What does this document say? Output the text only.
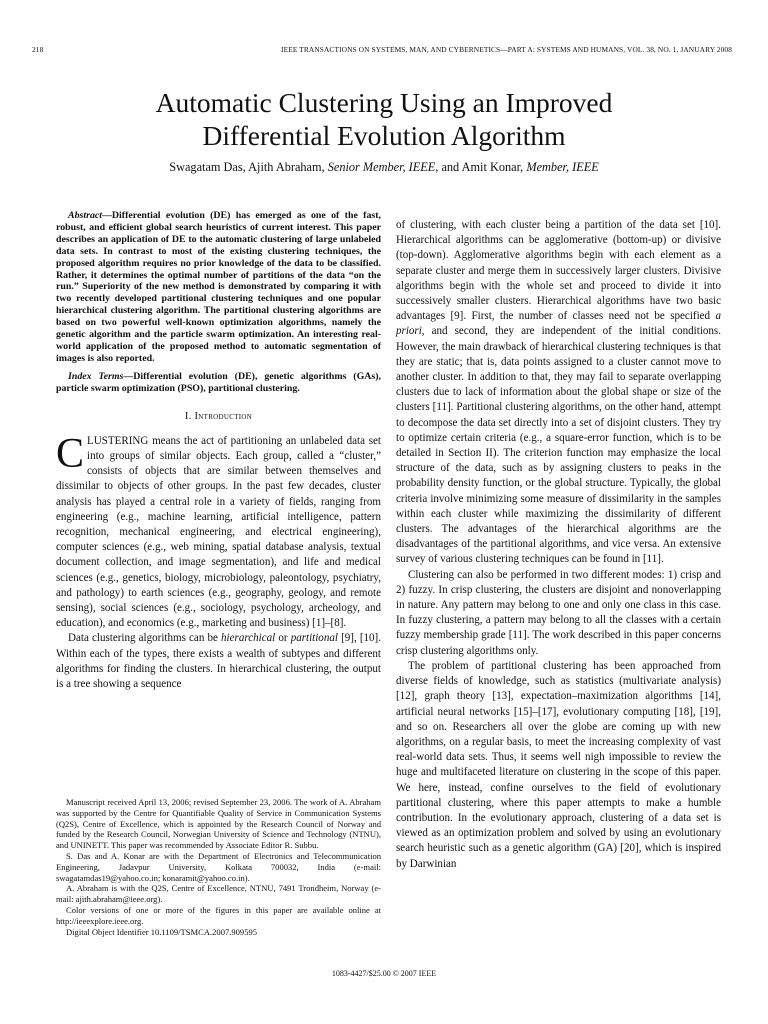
218	IEEE TRANSACTIONS ON SYSTEMS, MAN, AND CYBERNETICS—PART A: SYSTEMS AND HUMANS, VOL. 38, NO. 1, JANUARY 2008
Automatic Clustering Using an Improved
Differential Evolution Algorithm
Swagatam Das, Ajith Abraham, Senior Member, IEEE, and Amit Konar, Member, IEEE

Abstract—Differential evolution (DE) has emerged as one of the fast, robust, and efficient global search heuristics of current interest. This paper describes an application of DE to the automatic clustering of large unlabeled data sets. In contrast to most of the existing clustering techniques, the proposed algorithm requires no prior knowledge of the data to be classified. Rather, it determines the optimal number of partitions of the data “on the run.” Superiority of the new method is demonstrated by comparing it with two recently developed partitional clustering techniques and one popular hierarchical clustering algorithm. The partitional clustering algorithms are based on two powerful well-known optimization algorithms, namely the genetic algorithm and the particle swarm optimization. An interesting real-world application of the proposed method to automatic segmentation of images is also reported.

Index Terms—Differential evolution (DE), genetic algorithms (GAs), particle swarm optimization (PSO), partitional clustering.

I. Introduction

CLUSTERING means the act of partitioning an unlabeled data set into groups of similar objects. Each group, called a “cluster,” consists of objects that are similar between themselves and dissimilar to objects of other groups. In the past few decades, cluster analysis has played a central role in a variety of fields, ranging from engineering (e.g., machine learning, artificial intelligence, pattern recognition, mechanical engineering, and electrical engineering), computer sciences (e.g., web mining, spatial database analysis, textual document collection, and image segmentation), and life and medical sciences (e.g., genetics, biology, microbiology, paleontology, psychiatry, and pathology) to earth sciences (e.g., geography, geology, and remote sensing), social sciences (e.g., sociology, psychology, archeology, and education), and economics (e.g., marketing and business) [1]–[8].

Data clustering algorithms can be hierarchical or partitional [9], [10]. Within each of the types, there exists a wealth of subtypes and different algorithms for finding the clusters. In hierarchical clustering, the output is a tree showing a sequence

Manuscript received April 13, 2006; revised September 23, 2006. The work of A. Abraham was supported by the Centre for Quantifiable Quality of Service in Communication Systems (Q2S), Centre of Excellence, which is appointed by the Research Council of Norway and funded by the Research Council, Norwegian University of Science and Technology (NTNU), and UNINETT. This paper was recommended by Associate Editor R. Subbu.

S. Das and A. Konar are with the Department of Electronics and Telecommunication Engineering, Jadavpur University, Kolkata 700032, India (e-mail: swagatamdas19@yahoo.co.in; konaramit@yahoo.co.in).

A. Abraham is with the Q2S, Centre of Excellence, NTNU, 7491 Trondheim, Norway (e-mail: ajith.abraham@ieee.org).

Color versions of one or more of the figures in this paper are available online at http://ieeexplore.ieee.org.

Digital Object Identifier 10.1109/TSMCA.2007.909595

of clustering, with each cluster being a partition of the data set [10]. Hierarchical algorithms can be agglomerative (bottom-up) or divisive (top-down). Agglomerative algorithms begin with each element as a separate cluster and merge them in successively larger clusters. Divisive algorithms begin with the whole set and proceed to divide it into successively smaller clusters. Hierarchical algorithms have two basic advantages [9]. First, the number of classes need not be specified a priori, and second, they are independent of the initial conditions. However, the main drawback of hierarchical clustering techniques is that they are static; that is, data points assigned to a cluster cannot move to another cluster. In addition to that, they may fail to separate overlapping clusters due to lack of information about the global shape or size of the clusters [11]. Partitional clustering algorithms, on the other hand, attempt to decompose the data set directly into a set of disjoint clusters. They try to optimize certain criteria (e.g., a square-error function, which is to be detailed in Section II). The criterion function may emphasize the local structure of the data, such as by assigning clusters to peaks in the probability density function, or the global structure. Typically, the global criteria involve minimizing some measure of dissimilarity in the samples within each cluster while maximizing the dissimilarity of different clusters. The advantages of the hierarchical algorithms are the disadvantages of the partitional algorithms, and vice versa. An extensive survey of various clustering techniques can be found in [11].

Clustering can also be performed in two different modes: 1) crisp and 2) fuzzy. In crisp clustering, the clusters are disjoint and nonoverlapping in nature. Any pattern may belong to one and only one class in this case. In fuzzy clustering, a pattern may belong to all the classes with a certain fuzzy membership grade [11]. The work described in this paper concerns crisp clustering algorithms only.

The problem of partitional clustering has been approached from diverse fields of knowledge, such as statistics (multivariate analysis) [12], graph theory [13], expectation–maximization algorithms [14], artificial neural networks [15]–[17], evolutionary computing [18], [19], and so on. Researchers all over the globe are coming up with new algorithms, on a regular basis, to meet the increasing complexity of vast real-world data sets. Thus, it seems well nigh impossible to review the huge and multifaceted literature on clustering in the scope of this paper. We here, instead, confine ourselves to the field of evolutionary partitional clustering, where this paper attempts to make a humble contribution. In the evolutionary approach, clustering of a data set is viewed as an optimization problem and solved by using an evolutionary search heuristic such as a genetic algorithm (GA) [20], which is inspired by Darwinian

1083-4427/$25.00 © 2007 IEEE
